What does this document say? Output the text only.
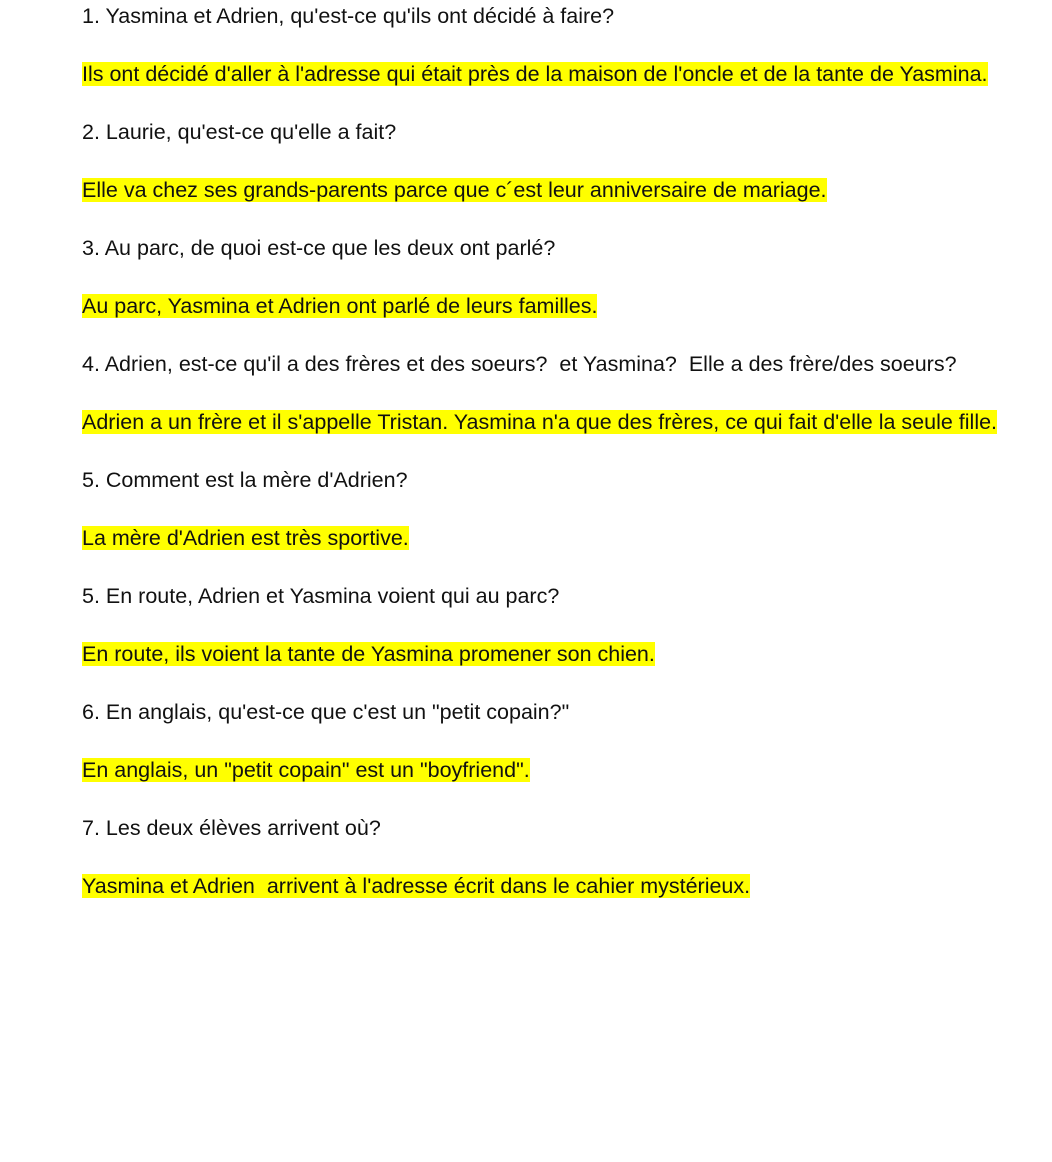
1. Yasmina et Adrien, qu'est-ce qu'ils ont décidé à faire?

Ils ont décidé d'aller à l'adresse qui était près de la maison de l'oncle et de la tante de Yasmina.

2. Laurie, qu'est-ce qu'elle a fait?

Elle va chez ses grands-parents parce que c´est leur anniversaire de mariage.

3. Au parc, de quoi est-ce que les deux ont parlé?

Au parc, Yasmina et Adrien ont parlé de leurs familles.

4. Adrien, est-ce qu'il a des frères et des soeurs?  et Yasmina?  Elle a des frère/des soeurs?

Adrien a un frère et il s'appelle Tristan. Yasmina n'a que des frères, ce qui fait d'elle la seule fille.

5. Comment est la mère d'Adrien?

La mère d'Adrien est très sportive.

5. En route, Adrien et Yasmina voient qui au parc?

En route, ils voient la tante de Yasmina promener son chien.

6. En anglais, qu'est-ce que c'est un "petit copain?"

En anglais, un "petit copain" est un "boyfriend".

7. Les deux élèves arrivent où?

Yasmina et Adrien  arrivent à l'adresse écrit dans le cahier mystérieux.
